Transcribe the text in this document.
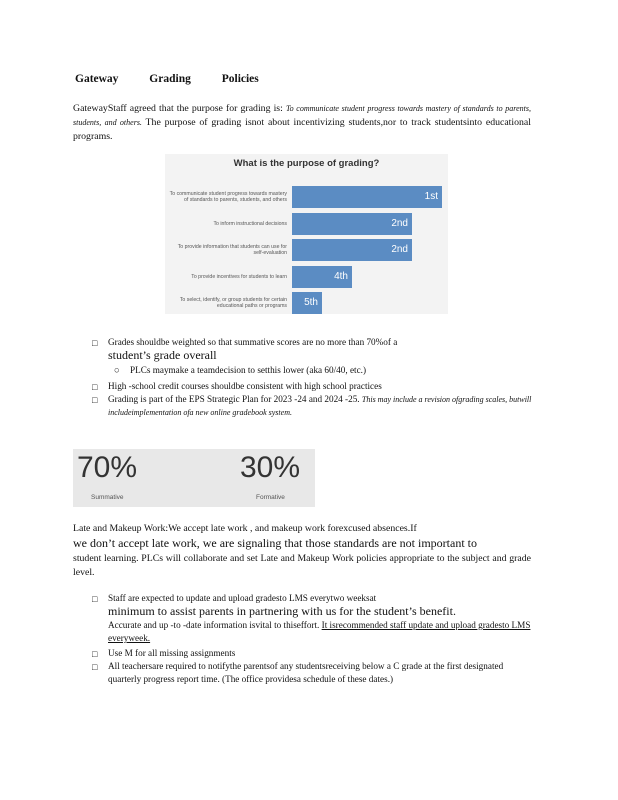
Gateway Grading Policies
GatewayStaff agreed that the purpose for grading is: To communicate student progress towards mastery of standards to parents, students, and others. The purpose of grading isnot about incentivizing students,nor to track studentsinto educational programs.
What is the purpose of grading?
To communicate student progress towards mastery of standards to parents, students, and others	1st
To inform instructional decisions	2nd
To provide information that students can use for self-evaluation	2nd
To provide incentives for students to learn	4th
To select, identify, or group students for certain educational paths or programs 5th
□ Grades shouldbe weighted so that summative scores are no more than 70%of a
student’s grade overall
○ PLCs maymake a teamdecision to setthis lower (aka 60/40, etc.)
□ High -school credit courses shouldbe consistent with high school practices
□ Grading is part of the EPS Strategic Plan for 2023 -24 and 2024 -25. This may include a revision ofgrading scales, butwill includeimplementation ofa new online gradebook system.
70%
Summative
30%
Formative
Late and Makeup Work:We accept late work , and makeup work forexcused absences.If
we don’t accept late work, we are signaling that those standards are not important to
student learning. PLCs will collaborate and set Late and Makeup Work policies appropriate to the subject and grade level.
□ Staff are expected to update and upload gradesto LMS everytwo weeksat
minimum to assist parents in partnering with us for the student’s benefit.
Accurate and up -to -date information isvital to thiseffort. It isrecommended staff update and upload gradesto LMS everyweek.
□ Use M for all missing assignments
□ All teachersare required to notifythe parentsof any studentsreceiving below a C grade at the first designated quarterly progress report time. (The office providesa schedule of these dates.)
